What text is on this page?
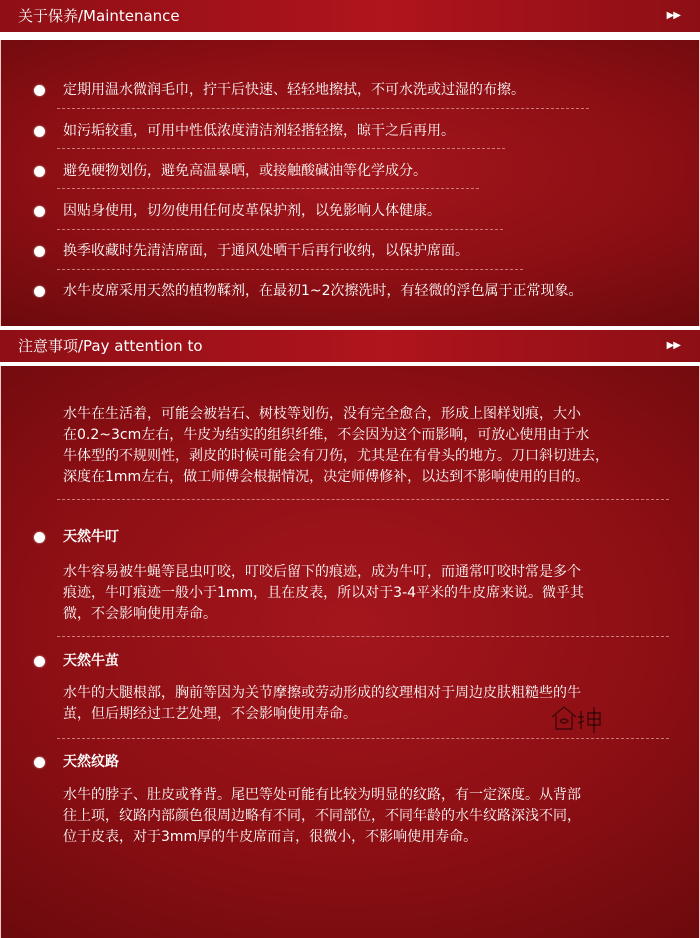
关于保养/Maintenance	▶▶
定期用温水微润毛巾，拧干后快速、轻轻地擦拭，不可水洗或过湿的布擦。
如污垢较重，可用中性低浓度清洁剂轻揩轻擦，晾干之后再用。
避免硬物划伤，避免高温暴晒，或接触酸碱油等化学成分。
因贴身使用，切勿使用任何皮革保护剂，以免影响人体健康。
换季收藏时先清洁席面，于通风处晒干后再行收纳，以保护席面。
水牛皮席采用天然的植物鞣剂，在最初1~2次擦洗时，有轻微的浮色属于正常现象。
注意事项/Pay attention to	▶▶
水牛在生活着，可能会被岩石、树枝等划伤，没有完全愈合，形成上图样划痕，大小
在0.2~3cm左右，牛皮为结实的组织纤维，不会因为这个而影响，可放心使用由于水
牛体型的不规则性，剥皮的时候可能会有刀伤，尤其是在有骨头的地方。刀口斜切进去，
深度在1mm左右，做工师傅会根据情况，决定师傅修补，以达到不影响使用的目的。
天然牛叮
水牛容易被牛蝇等昆虫叮咬，叮咬后留下的痕迹，成为牛叮，而通常叮咬时常是多个
痕迹，牛叮痕迹一般小于1mm，且在皮表，所以对于3-4平米的牛皮席来说。微乎其
微，不会影响使用寿命。
天然牛茧
水牛的大腿根部，胸前等因为关节摩擦或劳动形成的纹理相对于周边皮肤粗糙些的牛
茧，但后期经过工艺处理，不会影响使用寿命。
天然纹路
水牛的脖子、肚皮或脊背。尾巴等处可能有比较为明显的纹路，有一定深度。从背部
往上项，纹路内部颜色很周边略有不同，不同部位，不同年龄的水牛纹路深浅不同，
位于皮表，对于3mm厚的牛皮席而言，很微小，不影响使用寿命。
